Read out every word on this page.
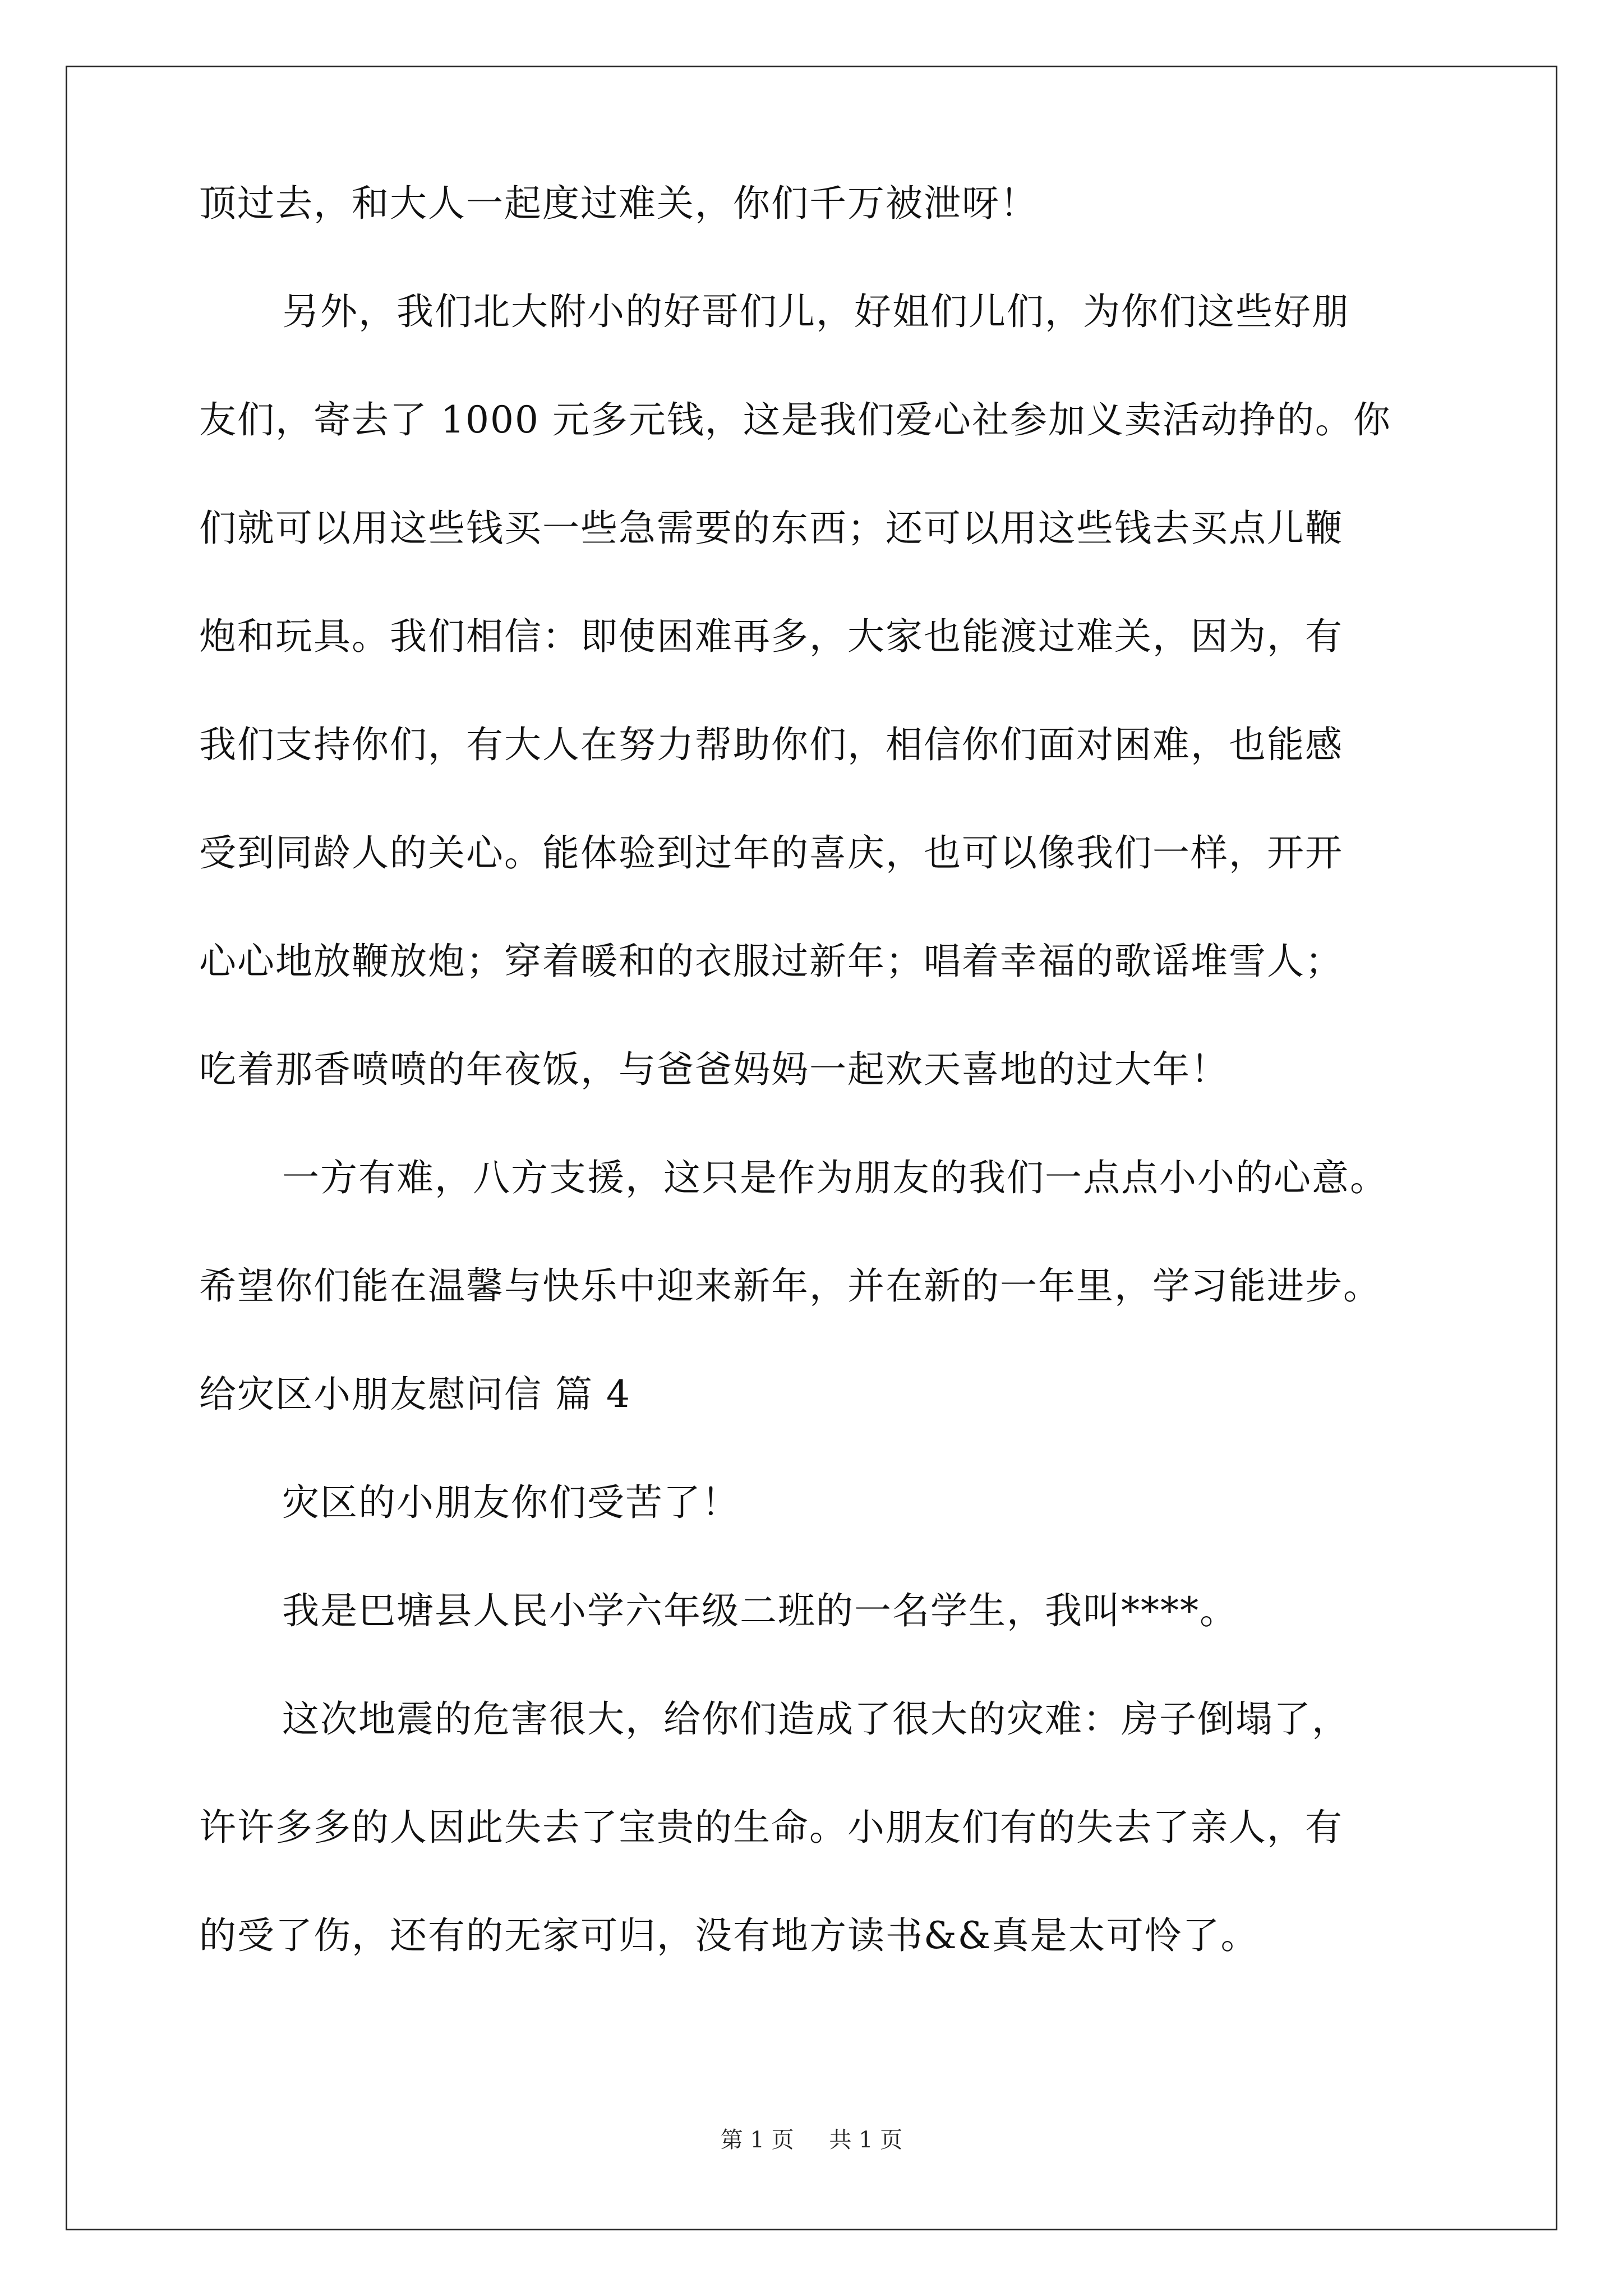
顶过去，和大人一起度过难关，你们千万被泄呀！
另外，我们北大附小的好哥们儿，好姐们儿们，为你们这些好朋
友们，寄去了 1000 元多元钱，这是我们爱心社参加义卖活动挣的。你
们就可以用这些钱买一些急需要的东西；还可以用这些钱去买点儿鞭
炮和玩具。我们相信：即使困难再多，大家也能渡过难关，因为，有
我们支持你们，有大人在努力帮助你们，相信你们面对困难，也能感
受到同龄人的关心。能体验到过年的喜庆，也可以像我们一样，开开
心心地放鞭放炮；穿着暖和的衣服过新年；唱着幸福的歌谣堆雪人；
吃着那香喷喷的年夜饭，与爸爸妈妈一起欢天喜地的过大年！
一方有难，八方支援，这只是作为朋友的我们一点点小小的心意。
希望你们能在温馨与快乐中迎来新年，并在新的一年里，学习能进步。
给灾区小朋友慰问信 篇 4
灾区的小朋友你们受苦了！
我是巴塘县人民小学六年级二班的一名学生，我叫****。
这次地震的危害很大，给你们造成了很大的灾难：房子倒塌了，
许许多多的人因此失去了宝贵的生命。小朋友们有的失去了亲人，有
的受了伤，还有的无家可归，没有地方读书&&真是太可怜了。
第 1 页 共 1 页
